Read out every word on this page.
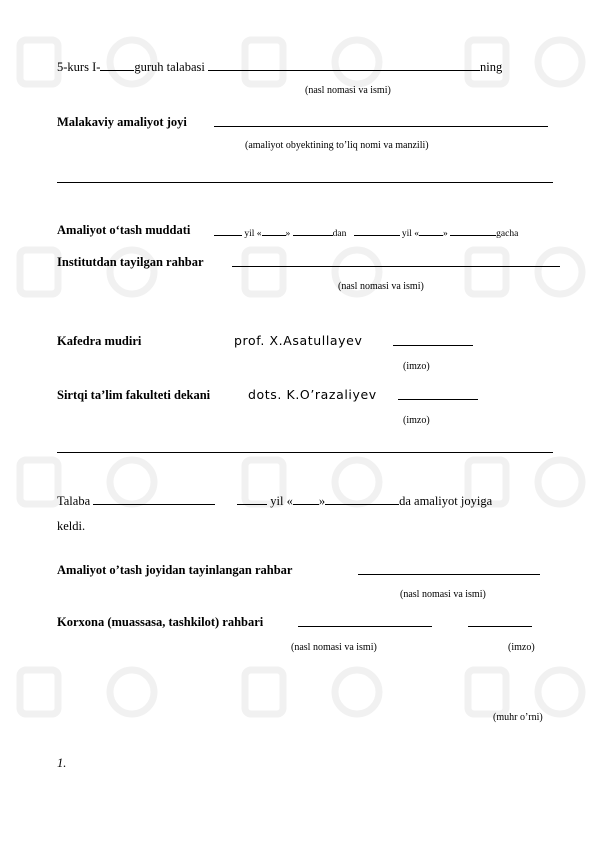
5-kurs I-	guruh talabasi	ning
(nasl nomasi va ismi)
Malakaviy amaliyot joyi
(amaliyot obyektining to’liq nomi va manzili)
Amaliyot o‘tash muddati	yil «	»	dan	yil «	»	gacha
Institutdan tayilgan rahbar
(nasl nomasi va ismi)
Kafedra mudiri	prof. X.Asatullayev
(imzo)
Sirtqi ta’lim fakulteti dekani	dots. K.O’razaliyev
(imzo)
Talaba	yil « »	da amaliyot joyiga
keldi.
Amaliyot o’tash joyidan tayinlangan rahbar
(nasl nomasi va ismi)
Korxona (muassasa, tashkilot) rahbari
(nasl nomasi va ismi)	(imzo)
(muhr o’rni)
1.
